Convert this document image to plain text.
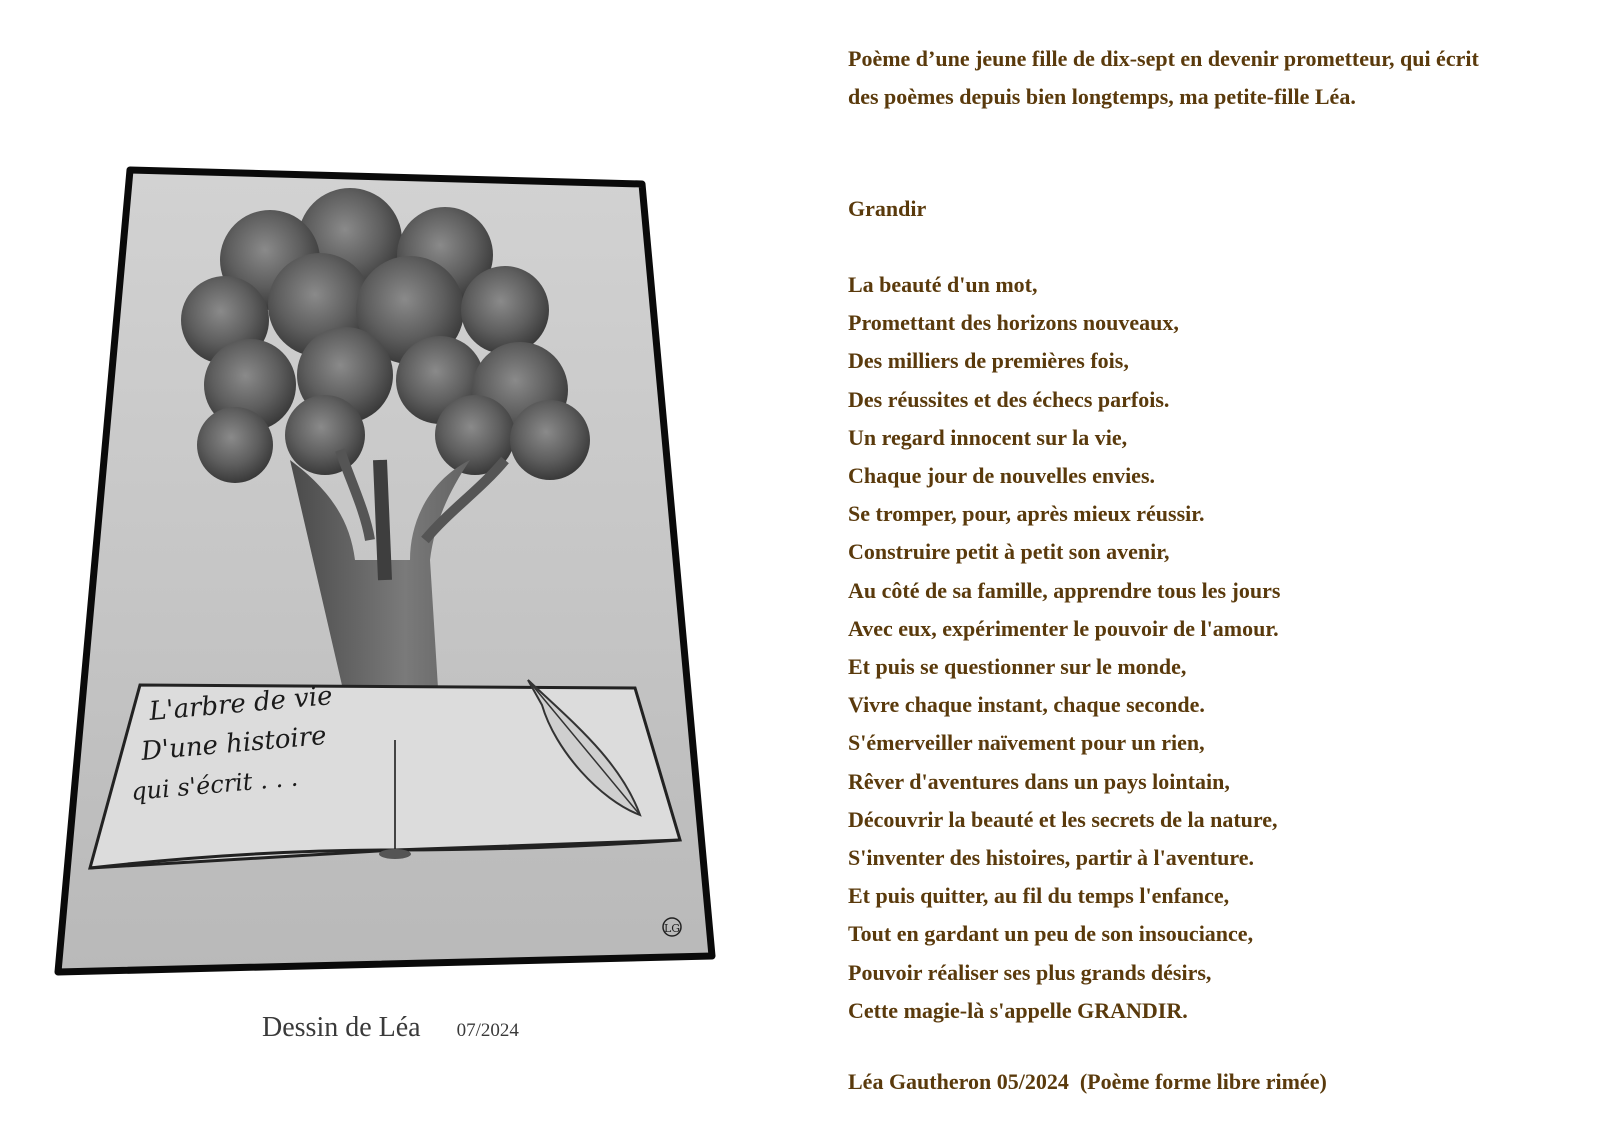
L'arbre de vie
D'une histoire
qui s'écrit . . .
LG
Dessin de Léa 07/2024

Poème d’une jeune fille de dix-sept en devenir prometteur, qui écrit
des poèmes depuis bien longtemps, ma petite-fille Léa.

Grandir

La beauté d'un mot,
Promettant des horizons nouveaux,
Des milliers de premières fois,
Des réussites et des échecs parfois.
Un regard innocent sur la vie,
Chaque jour de nouvelles envies.
Se tromper, pour, après mieux réussir.
Construire petit à petit son avenir,
Au côté de sa famille, apprendre tous les jours
Avec eux, expérimenter le pouvoir de l'amour.
Et puis se questionner sur le monde,
Vivre chaque instant, chaque seconde.
S'émerveiller naïvement pour un rien,
Rêver d'aventures dans un pays lointain,
Découvrir la beauté et les secrets de la nature,
S'inventer des histoires, partir à l'aventure.
Et puis quitter, au fil du temps l'enfance,
Tout en gardant un peu de son insouciance,
Pouvoir réaliser ses plus grands désirs,
Cette magie-là s'appelle GRANDIR.

Léa Gautheron 05/2024  (Poème forme libre rimée)
